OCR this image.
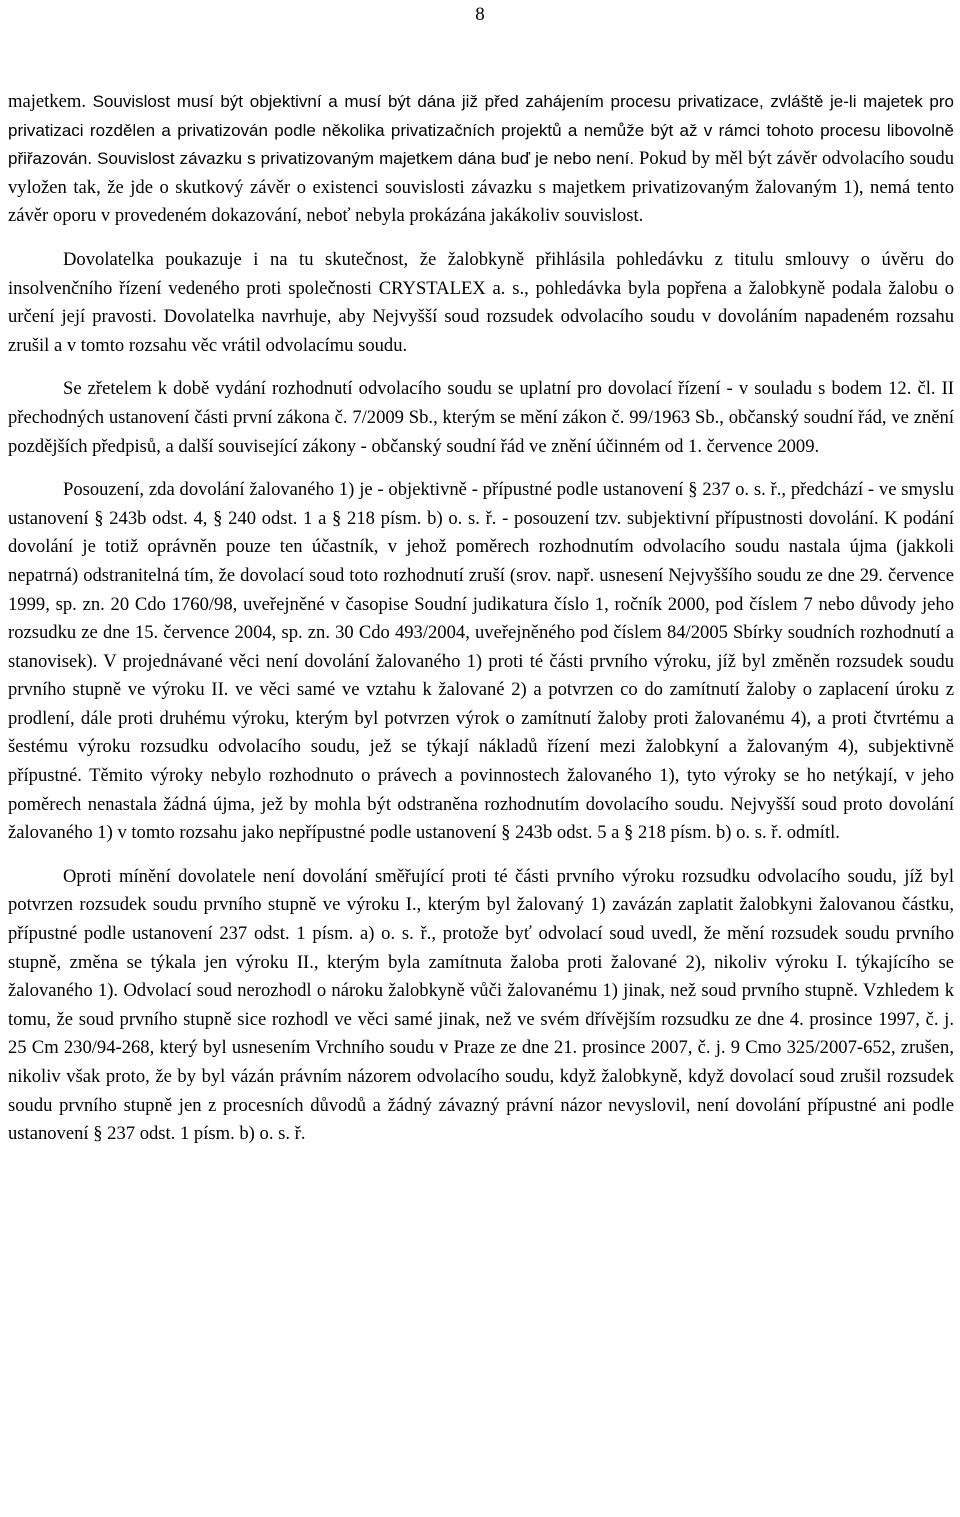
8

majetkem. Souvislost musí být objektivní a musí být dána již před zahájením procesu privatizace, zvláště je-li majetek pro privatizaci rozdělen a privatizován podle několika privatizačních projektů a nemůže být až v rámci tohoto procesu libovolně přiřazován. Souvislost závazku s privatizovaným majetkem dána buď je nebo není. Pokud by měl být závěr odvolacího soudu vyložen tak, že jde o skutkový závěr o existenci souvislosti závazku s majetkem privatizovaným žalovaným 1), nemá tento závěr oporu v provedeném dokazování, neboť nebyla prokázána jakákoliv souvislost.

Dovolatelka poukazuje i na tu skutečnost, že žalobkyně přihlásila pohledávku z titulu smlouvy o úvěru do insolvenčního řízení vedeného proti společnosti CRYSTALEX a. s., pohledávka byla popřena a žalobkyně podala žalobu o určení její pravosti. Dovolatelka navrhuje, aby Nejvyšší soud rozsudek odvolacího soudu v dovoláním napadeném rozsahu zrušil a v tomto rozsahu věc vrátil odvolacímu soudu.

Se zřetelem k době vydání rozhodnutí odvolacího soudu se uplatní pro dovolací řízení - v souladu s bodem 12. čl. II přechodných ustanovení části první zákona č. 7/2009 Sb., kterým se mění zákon č. 99/1963 Sb., občanský soudní řád, ve znění pozdějších předpisů, a další související zákony - občanský soudní řád ve znění účinném od 1. července 2009.

Posouzení, zda dovolání žalovaného 1) je - objektivně - přípustné podle ustanovení § 237 o. s. ř., předchází - ve smyslu ustanovení § 243b odst. 4, § 240 odst. 1 a § 218 písm. b) o. s. ř. - posouzení tzv. subjektivní přípustnosti dovolání. K podání dovolání je totiž oprávněn pouze ten účastník, v jehož poměrech rozhodnutím odvolacího soudu nastala újma (jakkoli nepatrná) odstranitelná tím, že dovolací soud toto rozhodnutí zruší (srov. např. usnesení Nejvyššího soudu ze dne 29. července 1999, sp. zn. 20 Cdo 1760/98, uveřejněné v časopise Soudní judikatura číslo 1, ročník 2000, pod číslem 7 nebo důvody jeho rozsudku ze dne 15. července 2004, sp. zn. 30 Cdo 493/2004, uveřejněného pod číslem 84/2005 Sbírky soudních rozhodnutí a stanovisek). V projednávané věci není dovolání žalovaného 1) proti té části prvního výroku, jíž byl změněn rozsudek soudu prvního stupně ve výroku II. ve věci samé ve vztahu k žalované 2) a potvrzen co do zamítnutí žaloby o zaplacení úroku z prodlení, dále proti druhému výroku, kterým byl potvrzen výrok o zamítnutí žaloby proti žalovanému 4), a proti čtvrtému a šestému výroku rozsudku odvolacího soudu, jež se týkají nákladů řízení mezi žalobkyní a žalovaným 4), subjektivně přípustné. Těmito výroky nebylo rozhodnuto o právech a povinnostech žalovaného 1), tyto výroky se ho netýkají, v jeho poměrech nenastala žádná újma, jež by mohla být odstraněna rozhodnutím dovolacího soudu. Nejvyšší soud proto dovolání žalovaného 1) v tomto rozsahu jako nepřípustné podle ustanovení § 243b odst. 5 a § 218 písm. b) o. s. ř. odmítl.

Oproti mínění dovolatele není dovolání směřující proti té části prvního výroku rozsudku odvolacího soudu, jíž byl potvrzen rozsudek soudu prvního stupně ve výroku I., kterým byl žalovaný 1) zavázán zaplatit žalobkyni žalovanou částku, přípustné podle ustanovení 237 odst. 1 písm. a) o. s. ř., protože byť odvolací soud uvedl, že mění rozsudek soudu prvního stupně, změna se týkala jen výroku II., kterým byla zamítnuta žaloba proti žalované 2), nikoliv výroku I. týkajícího se žalovaného 1). Odvolací soud nerozhodl o nároku žalobkyně vůči žalovanému 1) jinak, než soud prvního stupně. Vzhledem k tomu, že soud prvního stupně sice rozhodl ve věci samé jinak, než ve svém dřívějším rozsudku ze dne 4. prosince 1997, č. j. 25 Cm 230/94-268, který byl usnesením Vrchního soudu v Praze ze dne 21. prosince 2007, č. j. 9 Cmo 325/2007-652, zrušen, nikoliv však proto, že by byl vázán právním názorem odvolacího soudu, když žalobkyně, když dovolací soud zrušil rozsudek soudu prvního stupně jen z procesních důvodů a žádný závazný právní názor nevyslovil, není dovolání přípustné ani podle ustanovení § 237 odst. 1 písm. b) o. s. ř.
